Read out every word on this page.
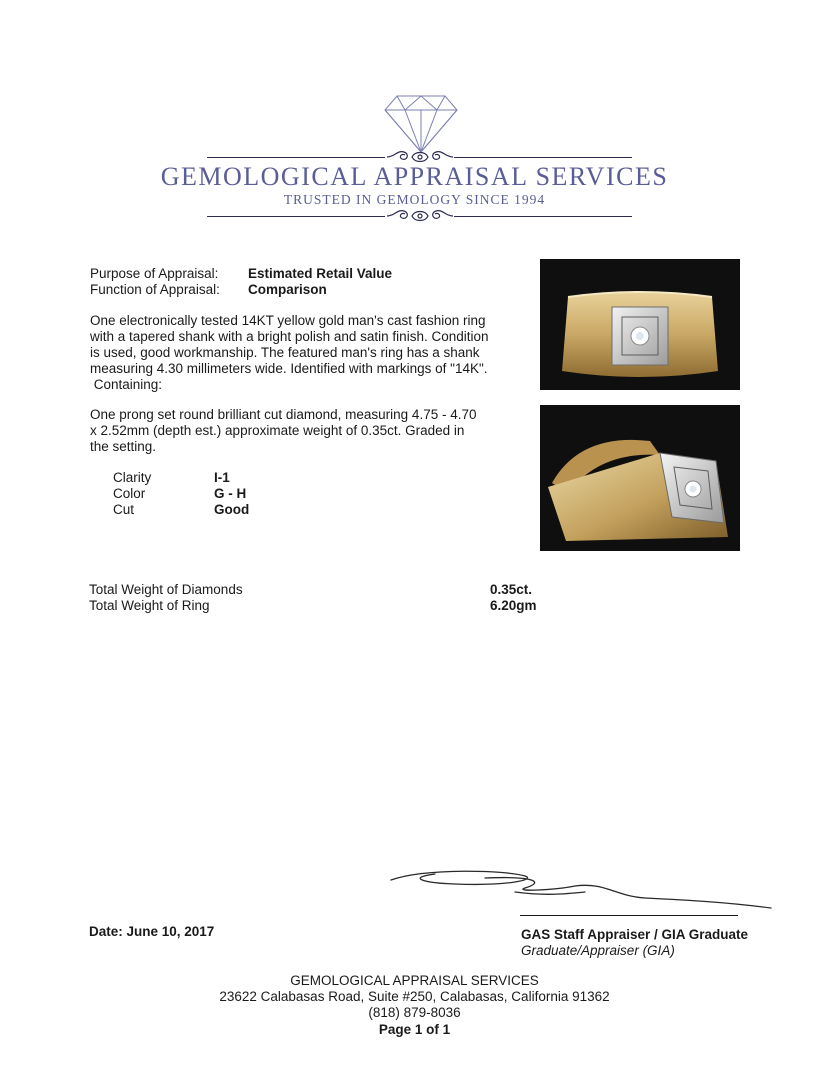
GEMOLOGICAL APPRAISAL SERVICES
TRUSTED IN GEMOLOGY SINCE 1994
Purpose of Appraisal: Estimated Retail Value
Function of Appraisal: Comparison
One electronically tested 14KT yellow gold man's cast fashion ring
with a tapered shank with a bright polish and satin finish. Condition
is used, good workmanship. The featured man's ring has a shank
measuring 4.30 millimeters wide. Identified with markings of "14K".
Containing:
One prong set round brilliant cut diamond, measuring 4.75 - 4.70
x 2.52mm (depth est.) approximate weight of 0.35ct. Graded in
the setting.
Clarity	I-1
Color	G - H
Cut	Good
Total Weight of Diamonds	0.35ct.
Total Weight of Ring	6.20gm
Date: June 10, 2017	GAS Staff Appraiser / GIA Graduate
Graduate/Appraiser (GIA)
GEMOLOGICAL APPRAISAL SERVICES
23622 Calabasas Road, Suite #250, Calabasas, California 91362
(818) 879-8036
Page 1 of 1
